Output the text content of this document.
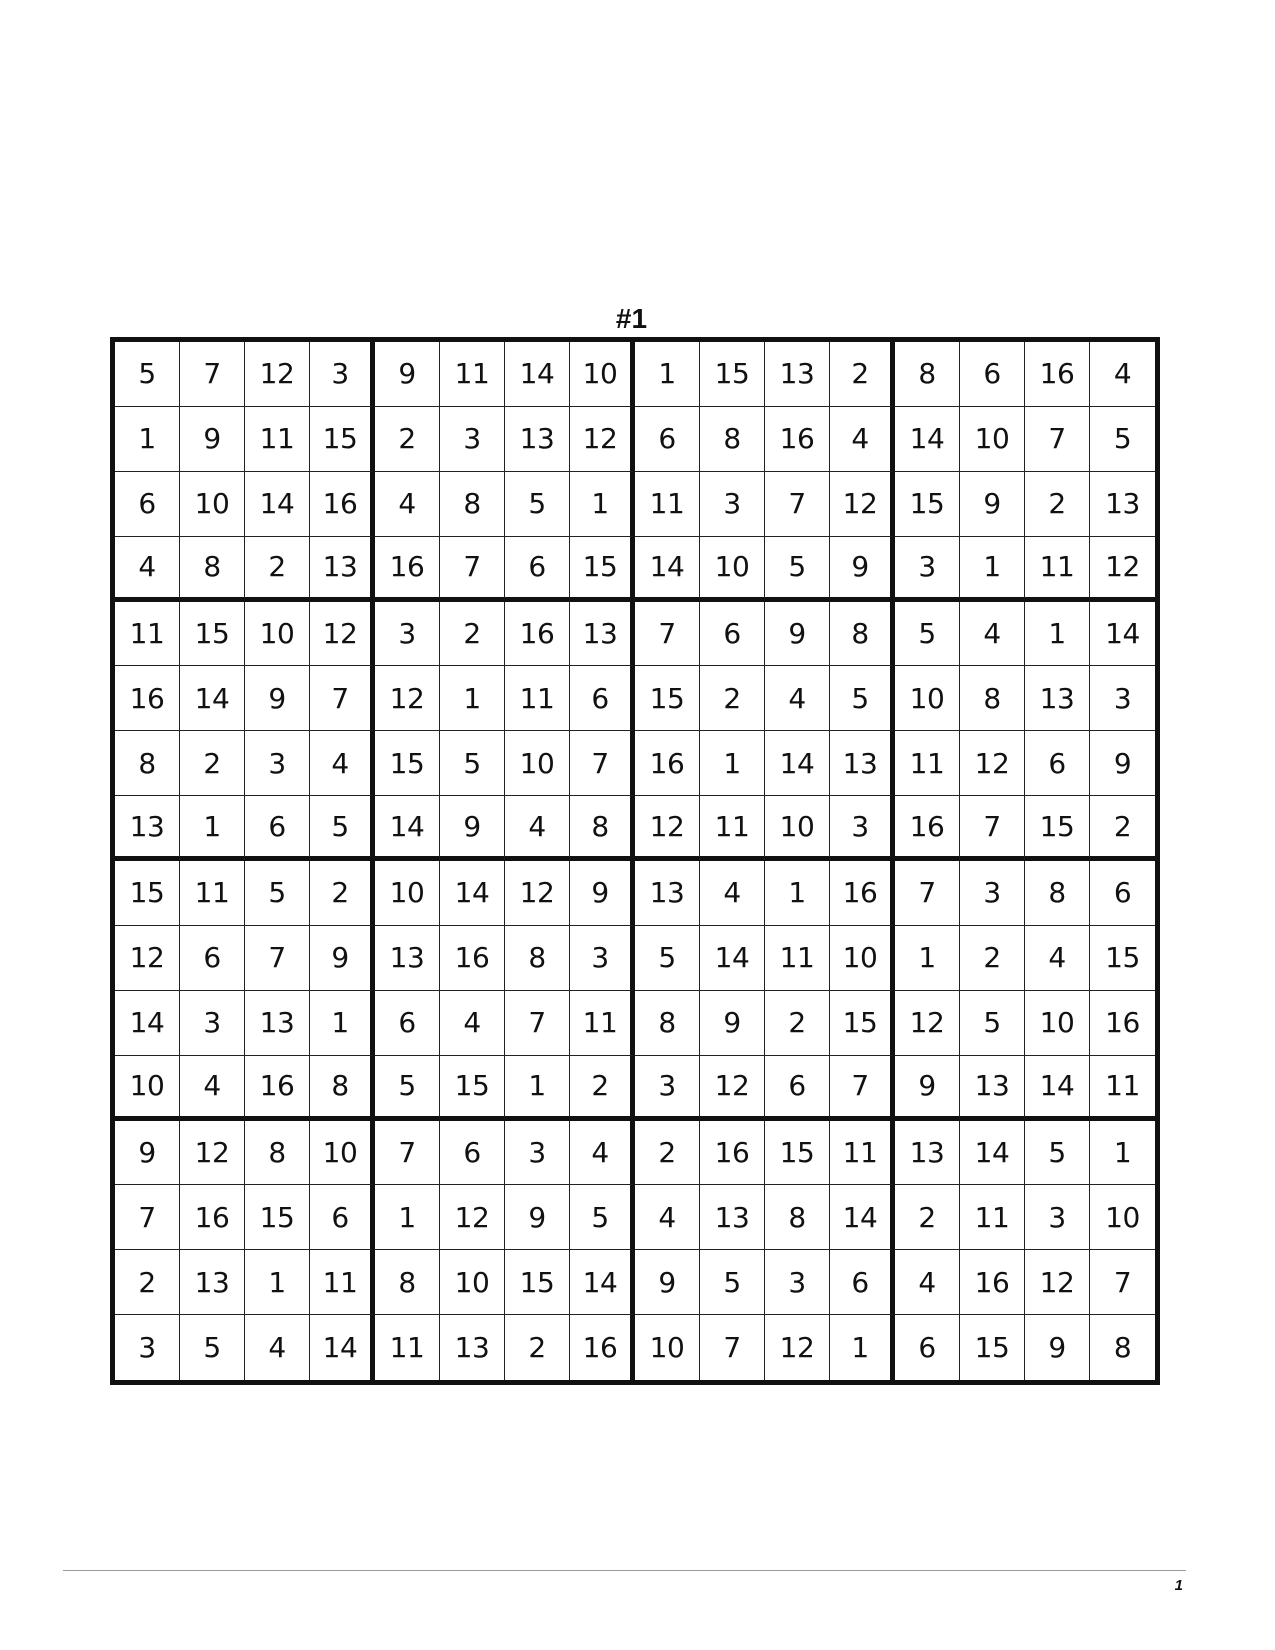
#1
5	7	12	3	9	11	14	10	1	15	13	2	8	6	16	4
1	9	11	15	2	3	13	12	6	8	16	4	14	10	7	5
6	10	14	16	4	8	5	1	11	3	7	12	15	9	2	13
4	8	2	13	16	7	6	15	14	10	5	9	3	1	11	12
11	15	10	12	3	2	16	13	7	6	9	8	5	4	1	14
16	14	9	7	12	1	11	6	15	2	4	5	10	8	13	3
8	2	3	4	15	5	10	7	16	1	14	13	11	12	6	9
13	1	6	5	14	9	4	8	12	11	10	3	16	7	15	2
15	11	5	2	10	14	12	9	13	4	1	16	7	3	8	6
12	6	7	9	13	16	8	3	5	14	11	10	1	2	4	15
14	3	13	1	6	4	7	11	8	9	2	15	12	5	10	16
10	4	16	8	5	15	1	2	3	12	6	7	9	13	14	11
9	12	8	10	7	6	3	4	2	16	15	11	13	14	5	1
7	16	15	6	1	12	9	5	4	13	8	14	2	11	3	10
2	13	1	11	8	10	15	14	9	5	3	6	4	16	12	7
3	5	4	14	11	13	2	16	10	7	12	1	6	15	9	8
1
